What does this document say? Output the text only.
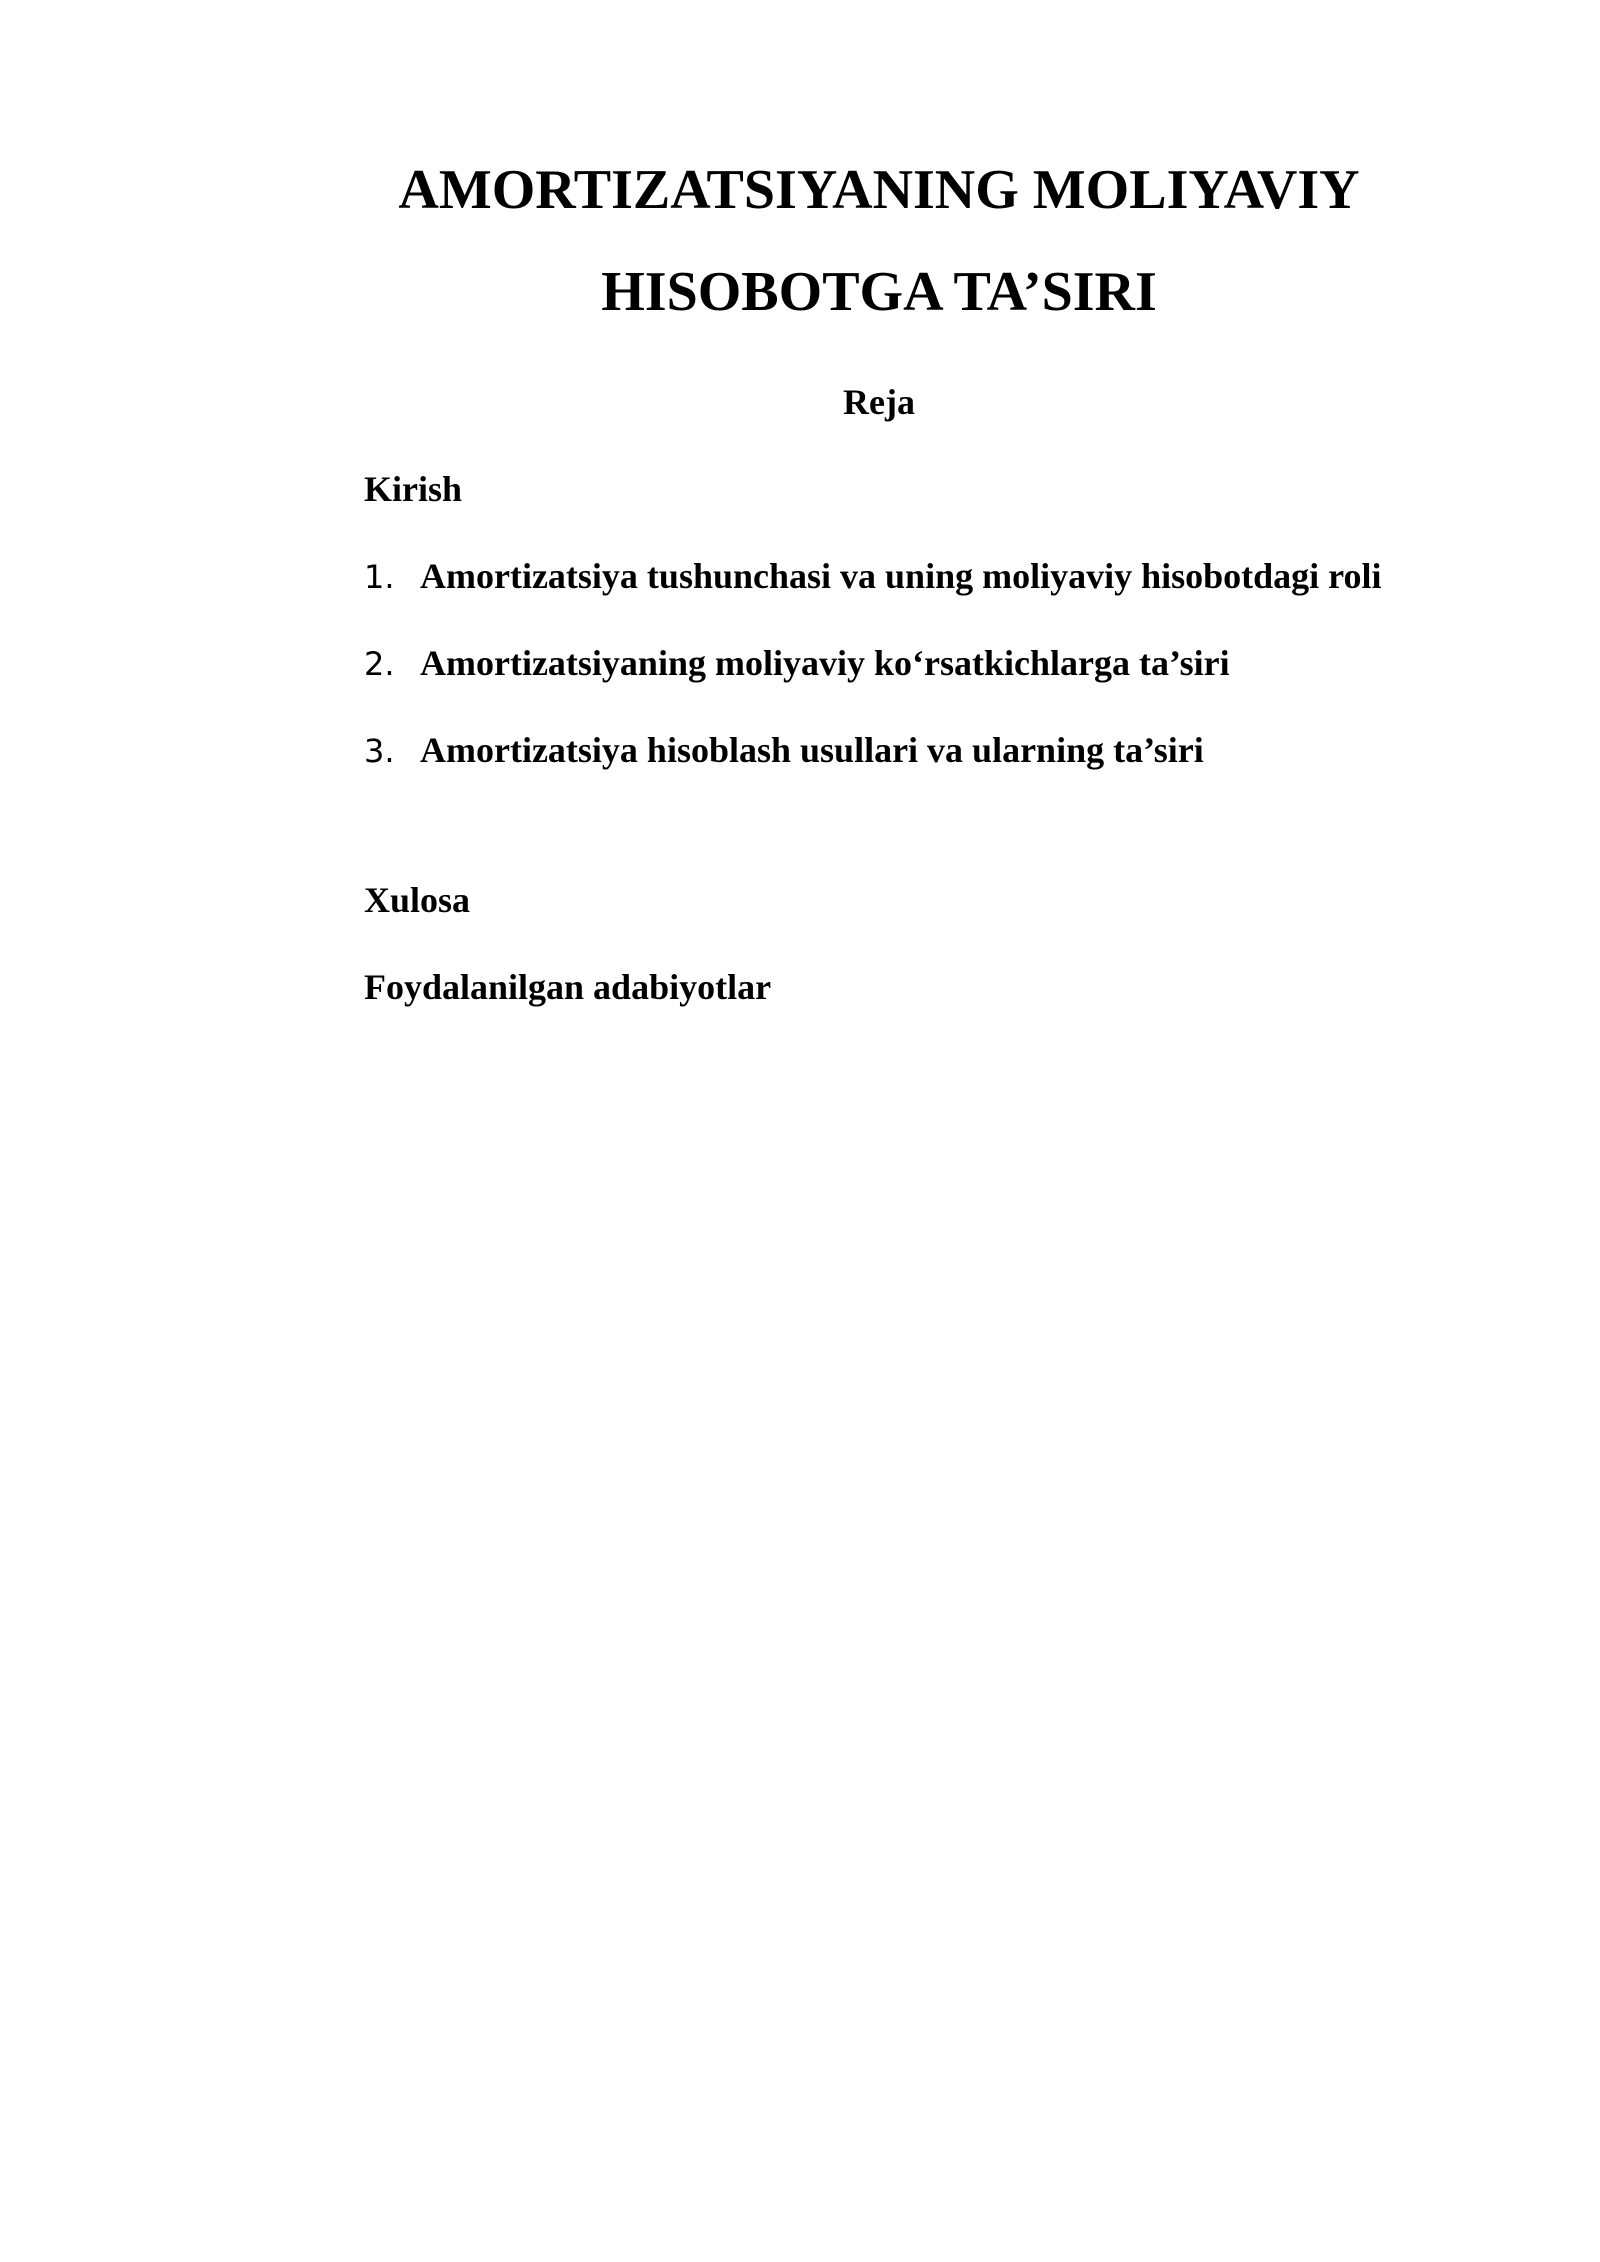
AMORTIZATSIYANING MOLIYAVIY
HISOBOTGA TA’SIRI
Reja
Kirish
1. Amortizatsiya tushunchasi va uning moliyaviy hisobotdagi roli
2. Amortizatsiyaning moliyaviy ko‘rsatkichlarga ta’siri
3. Amortizatsiya hisoblash usullari va ularning ta’siri
Xulosa
Foydalanilgan adabiyotlar
